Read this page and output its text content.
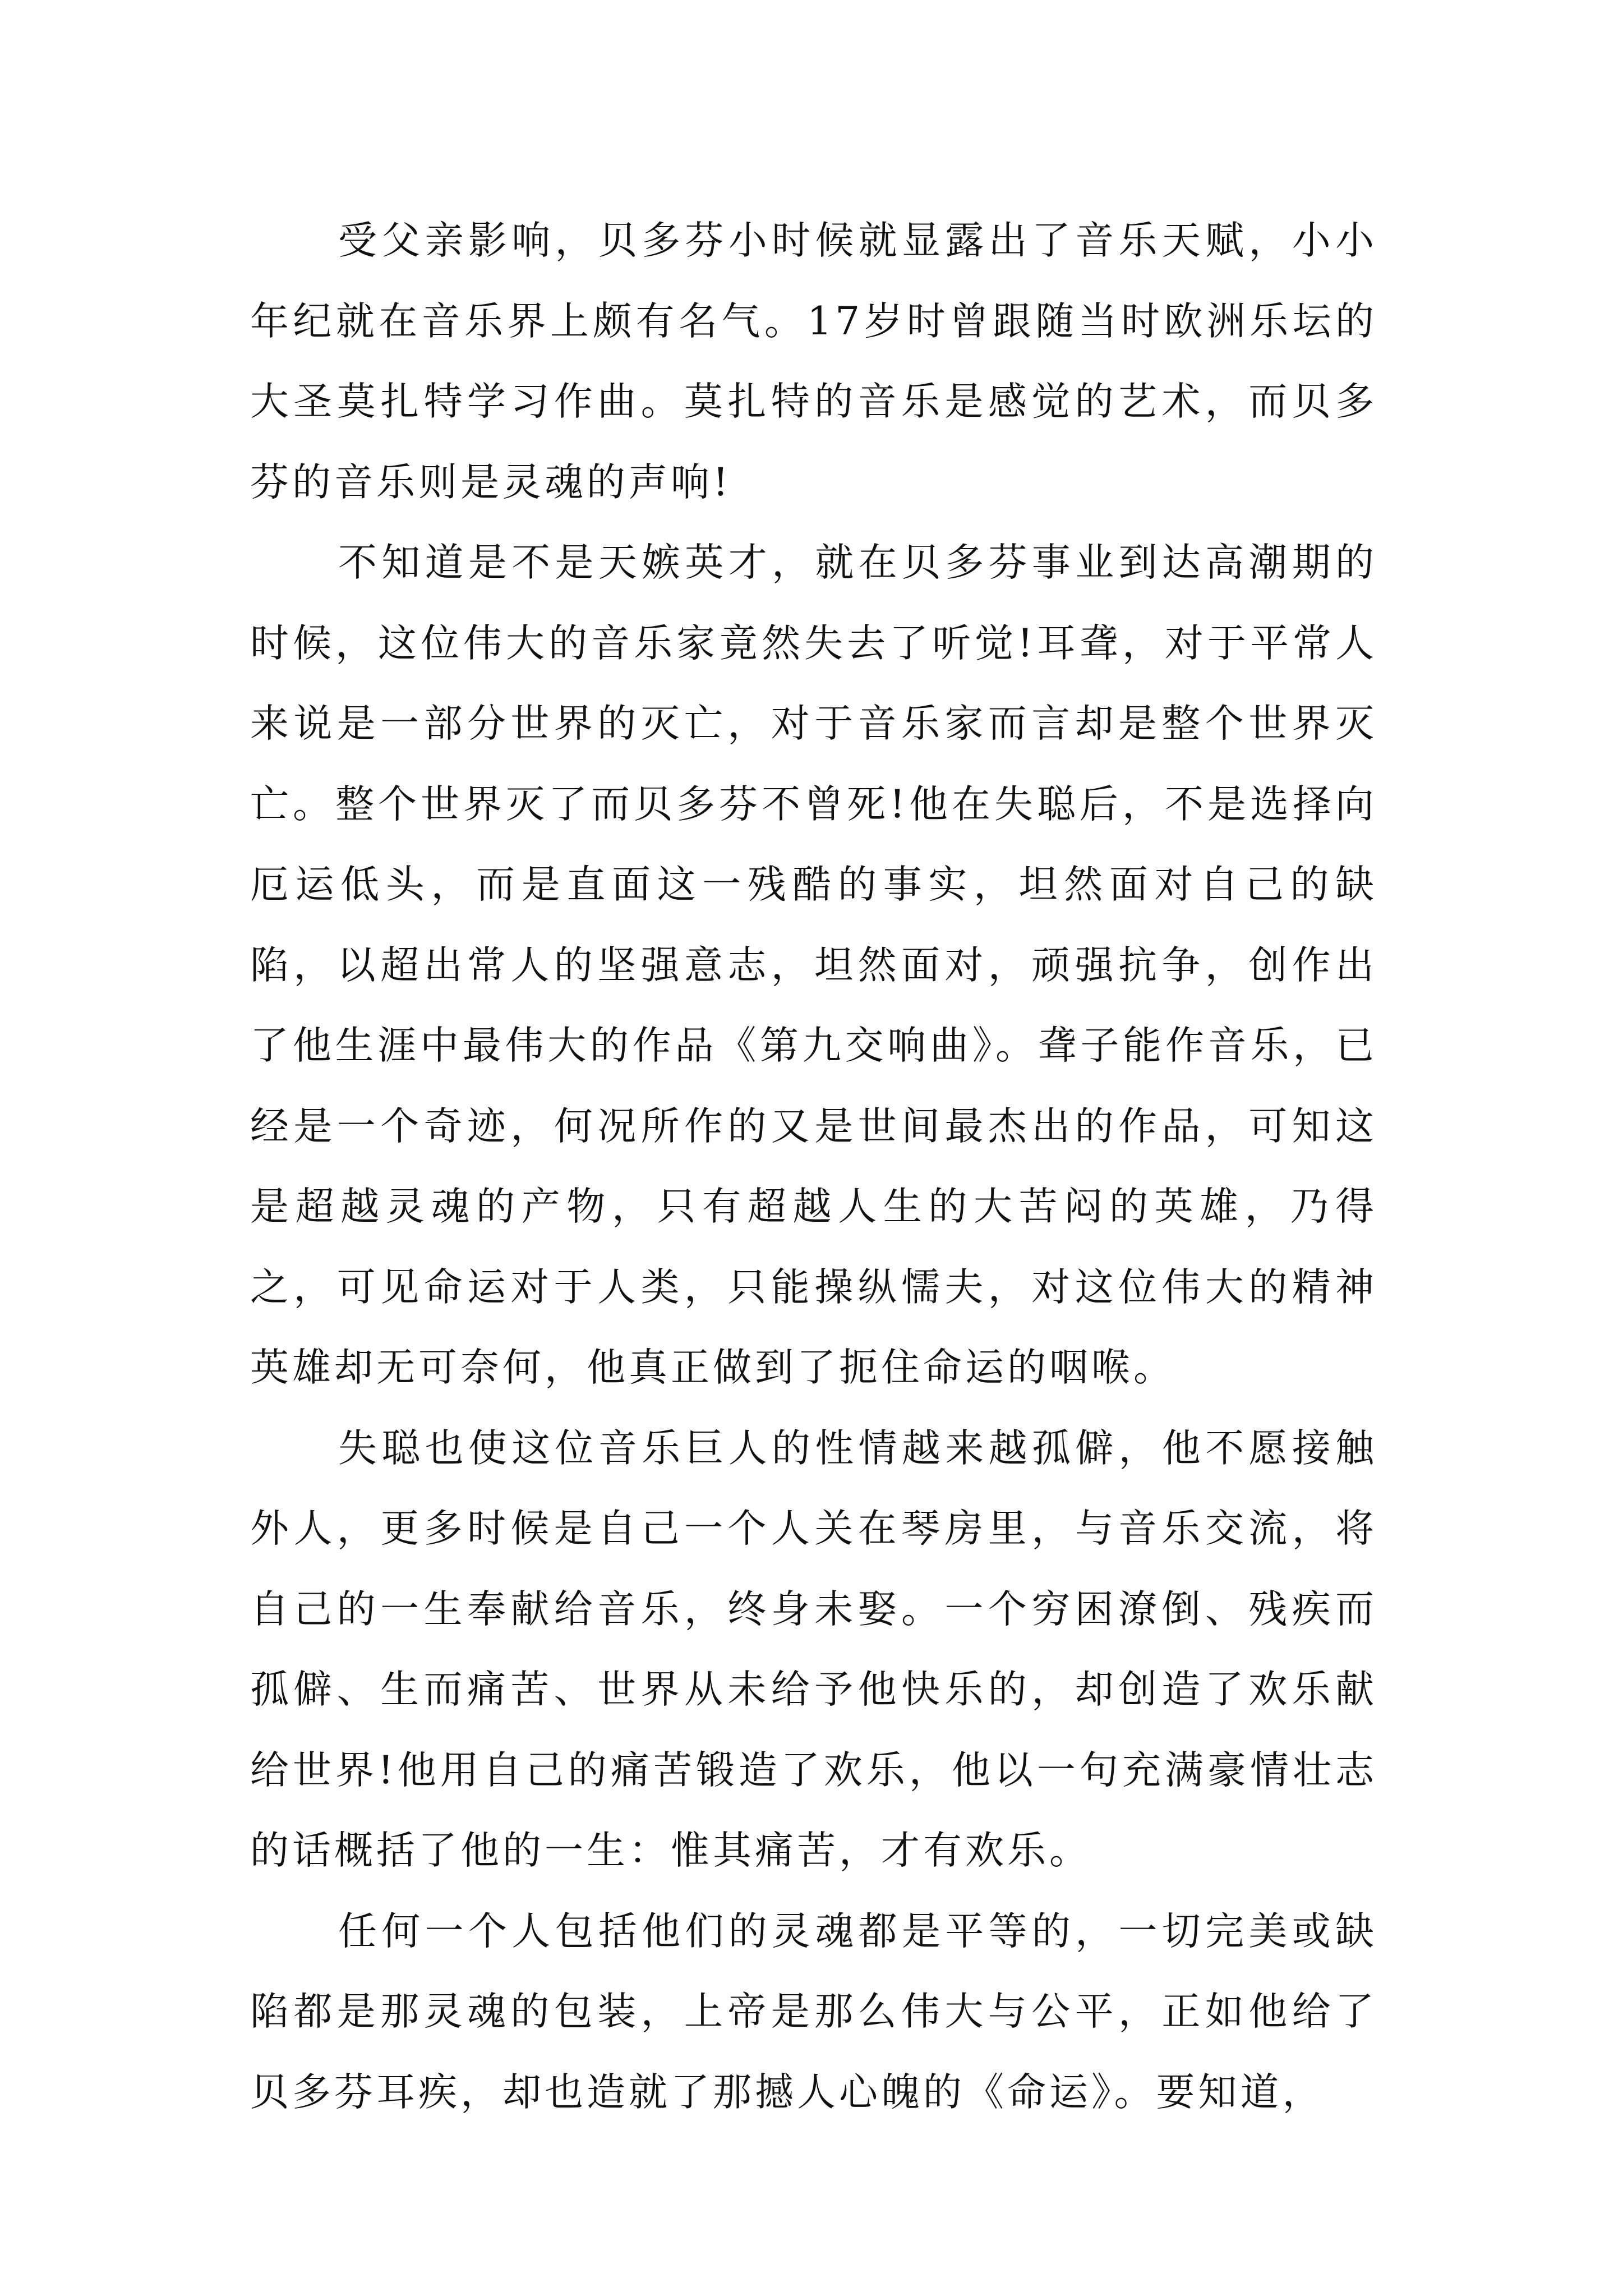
受父亲影响，贝多芬小时候就显露出了音乐天赋，小小年纪就在音乐界上颇有名气。17岁时曾跟随当时欧洲乐坛的大圣莫扎特学习作曲。莫扎特的音乐是感觉的艺术，而贝多芬的音乐则是灵魂的声响!

不知道是不是天嫉英才，就在贝多芬事业到达高潮期的时候，这位伟大的音乐家竟然失去了听觉!耳聋，对于平常人来说是一部分世界的灭亡，对于音乐家而言却是整个世界灭亡。整个世界灭了而贝多芬不曾死!他在失聪后，不是选择向厄运低头，而是直面这一残酷的事实，坦然面对自己的缺陷，以超出常人的坚强意志，坦然面对，顽强抗争，创作出了他生涯中最伟大的作品《第九交响曲》。聋子能作音乐，已经是一个奇迹，何况所作的又是世间最杰出的作品，可知这是超越灵魂的产物，只有超越人生的大苦闷的英雄，乃得之，可见命运对于人类，只能操纵懦夫，对这位伟大的精神英雄却无可奈何，他真正做到了扼住命运的咽喉。

失聪也使这位音乐巨人的性情越来越孤僻，他不愿接触外人，更多时候是自己一个人关在琴房里，与音乐交流，将自己的一生奉献给音乐，终身未娶。一个穷困潦倒、残疾而孤僻、生而痛苦、世界从未给予他快乐的，却创造了欢乐献给世界!他用自己的痛苦锻造了欢乐，他以一句充满豪情壮志的话概括了他的一生：惟其痛苦，才有欢乐。

任何一个人包括他们的灵魂都是平等的，一切完美或缺陷都是那灵魂的包装，上帝是那么伟大与公平，正如他给了贝多芬耳疾，却也造就了那撼人心魄的《命运》。要知道，
